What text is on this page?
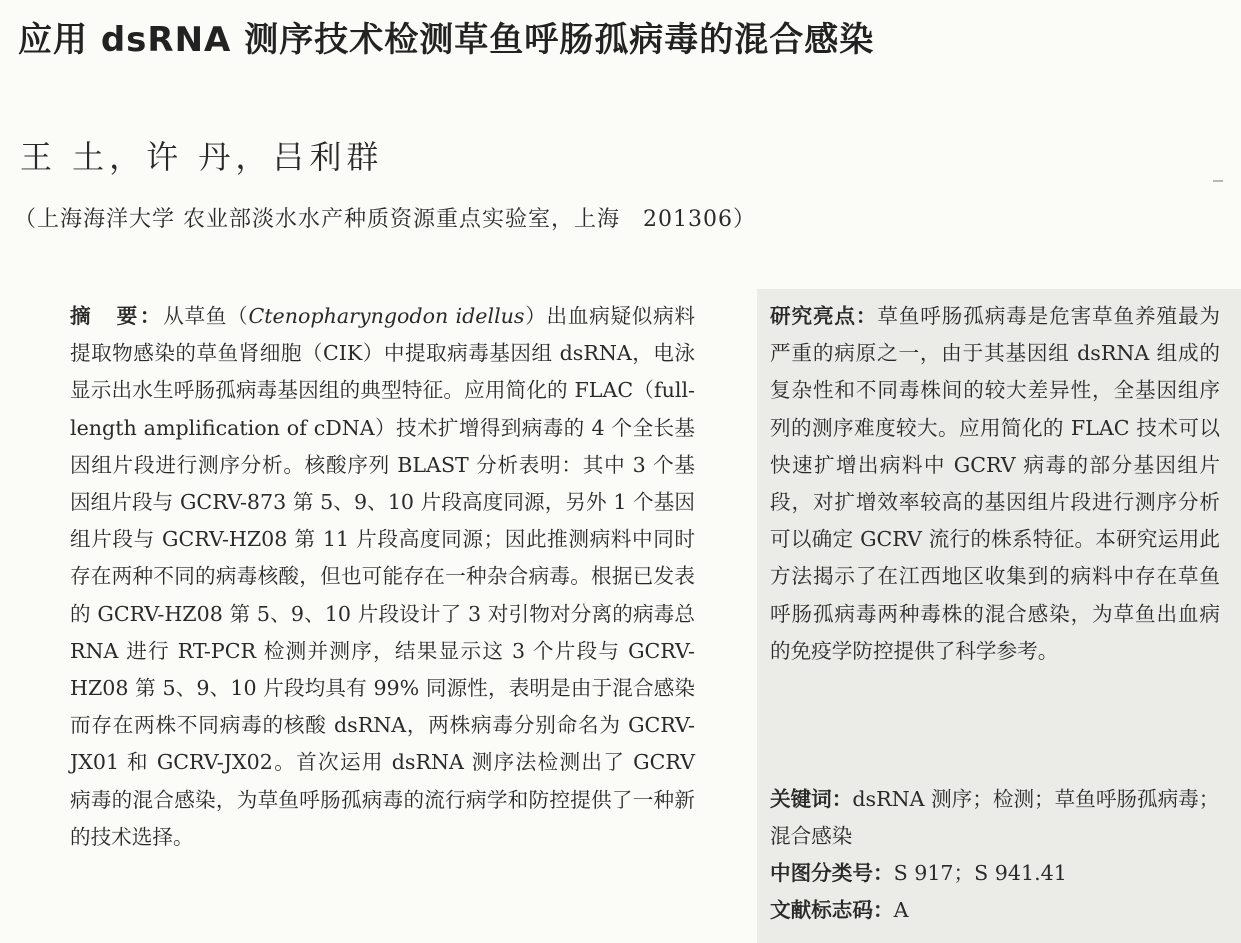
应用 dsRNA 测序技术检测草鱼呼肠孤病毒的混合感染
王 土，许 丹，吕利群
（上海海洋大学 农业部淡水水产种质资源重点实验室，上海　201306）
摘　要：从草鱼（Ctenopharyngodon idellus）出血病疑似病料提取物感染的草鱼肾细胞（CIK）中提取病毒基因组 dsRNA，电泳显示出水生呼肠孤病毒基因组的典型特征。应用简化的 FLAC（full-length amplification of cDNA）技术扩增得到病毒的 4 个全长基因组片段进行测序分析。核酸序列 BLAST 分析表明：其中 3 个基因组片段与 GCRV-873 第 5、9、10 片段高度同源，另外 1 个基因组片段与 GCRV-HZ08 第 11 片段高度同源；因此推测病料中同时存在两种不同的病毒核酸，但也可能存在一种杂合病毒。根据已发表的 GCRV-HZ08 第 5、9、10 片段设计了 3 对引物对分离的病毒总 RNA 进行 RT-PCR 检测并测序，结果显示这 3 个片段与 GCRV-HZ08 第 5、9、10 片段均具有 99% 同源性，表明是由于混合感染而存在两株不同病毒的核酸 dsRNA，两株病毒分别命名为 GCRV-JX01 和 GCRV-JX02。首次运用 dsRNA 测序法检测出了 GCRV 病毒的混合感染，为草鱼呼肠孤病毒的流行病学和防控提供了一种新的技术选择。
研究亮点：草鱼呼肠孤病毒是危害草鱼养殖最为严重的病原之一，由于其基因组 dsRNA 组成的复杂性和不同毒株间的较大差异性，全基因组序列的测序难度较大。应用简化的 FLAC 技术可以快速扩增出病料中 GCRV 病毒的部分基因组片段，对扩增效率较高的基因组片段进行测序分析可以确定 GCRV 流行的株系特征。本研究运用此方法揭示了在江西地区收集到的病料中存在草鱼呼肠孤病毒两种毒株的混合感染，为草鱼出血病的免疫学防控提供了科学参考。
关键词：dsRNA 测序；检测；草鱼呼肠孤病毒；混合感染
中图分类号：S 917；S 941.41
文献标志码：A
